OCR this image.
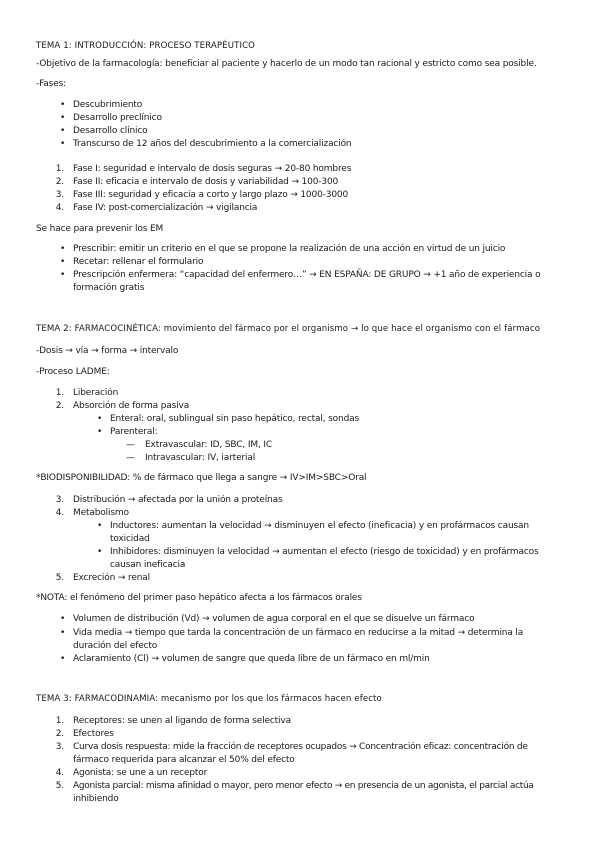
TEMA 1: INTRODUCCIÓN: PROCESO TERAPÉUTICO
-Objetivo de la farmacología: beneficiar al paciente y hacerlo de un modo tan racional y estricto como sea posible.
-Fases:
• Descubrimiento
• Desarrollo preclínico
• Desarrollo clínico
• Transcurso de 12 años del descubrimiento a la comercialización
1. Fase I: seguridad e intervalo de dosis seguras → 20-80 hombres
2. Fase II: eficacia e intervalo de dosis y variabilidad → 100-300
3. Fase III: seguridad y eficacia a corto y largo plazo → 1000-3000
4. Fase IV: post-comercialización → vigilancia
Se hace para prevenir los EM
• Prescribir: emitir un criterio en el que se propone la realización de una acción en virtud de un juicio
• Recetar: rellenar el formulario
• Prescripción enfermera: “capacidad del enfermero…” → EN ESPAÑA: DE GRUPO → +1 año de experiencia o
formación gratis
TEMA 2: FARMACOCINÉTICA: movimiento del fármaco por el organismo → lo que hace el organismo con el fármaco
-Dosis → vía → forma → intervalo
-Proceso LADME:
1. Liberación
2. Absorción de forma pasiva
• Enteral: oral, sublingual sin paso hepático, rectal, sondas
• Parenteral:
— Extravascular: ID, SBC, IM, IC
— Intravascular: IV, iarterial
*BIODISPONIBILIDAD: % de fármaco que llega a sangre → IV>IM>SBC>Oral
3. Distribución → afectada por la unión a proteínas
4. Metabolismo
• Inductores: aumentan la velocidad → disminuyen el efecto (ineficacia) y en profármacos causan
toxicidad
• Inhibidores: disminuyen la velocidad → aumentan el efecto (riesgo de toxicidad) y en profármacos
causan ineficacia
5. Excreción → renal
*NOTA: el fenómeno del primer paso hepático afecta a los fármacos orales
• Volumen de distribución (Vd) → volumen de agua corporal en el que se disuelve un fármaco
• Vida media → tiempo que tarda la concentración de un fármaco en reducirse a la mitad → determina la
duración del efecto
• Aclaramiento (Cl) → volumen de sangre que queda libre de un fármaco en ml/min
TEMA 3: FARMACODINAMIA: mecanismo por los que los fármacos hacen efecto
1. Receptores: se unen al ligando de forma selectiva
2. Efectores
3. Curva dosis respuesta: mide la fracción de receptores ocupados → Concentración eficaz: concentración de
fármaco requerida para alcanzar el 50% del efecto
4. Agonista: se une a un receptor
5. Agonista parcial: misma afinidad o mayor, pero menor efecto → en presencia de un agonista, el parcial actúa
inhibiendo
